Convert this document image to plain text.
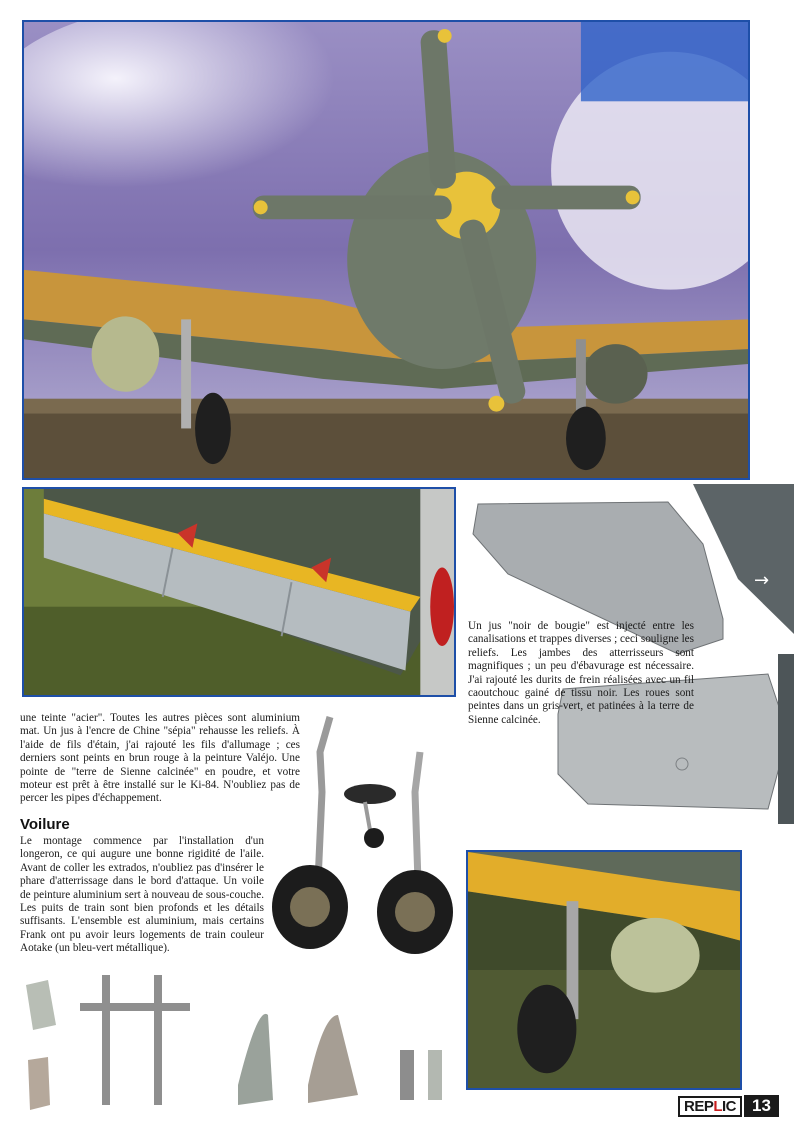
→

une teinte "acier". Toutes les autres pièces sont aluminium mat. Un jus à l'encre de Chine "sépia" rehausse les reliefs. À l'aide de fils d'étain, j'ai rajouté les fils d'allumage ; ces derniers sont peints en brun rouge à la peinture Valéjo. Une pointe de "terre de Sienne calcinée" en poudre, et votre moteur est prêt à être installé sur le Ki-84. N'oubliez pas de percer les pipes d'échappement.

Voilure

Le montage commence par l'installation d'un longeron, ce qui augure une bonne rigidité de l'aile. Avant de coller les extrados, n'oubliez pas d'insérer le phare d'atterrissage dans le bord d'attaque. Un voile de peinture aluminium sert à nouveau de sous-couche. Les puits de train sont bien profonds et les détails suffisants. L'ensemble est aluminium, mais certains Frank ont pu avoir leurs logements de train couleur Aotake (un bleu-vert métallique).

Un jus "noir de bougie" est injecté entre les canalisations et trappes diverses ; ceci souligne les reliefs. Les jambes des atterrisseurs sont magnifiques ; un peu d'ébavurage est nécessaire. J'ai rajouté les durits de frein réalisées avec un fil caoutchouc gainé de tissu noir. Les roues sont peintes dans un gris-vert, et patinées à la terre de Sienne calcinée.

REPLIC 13
